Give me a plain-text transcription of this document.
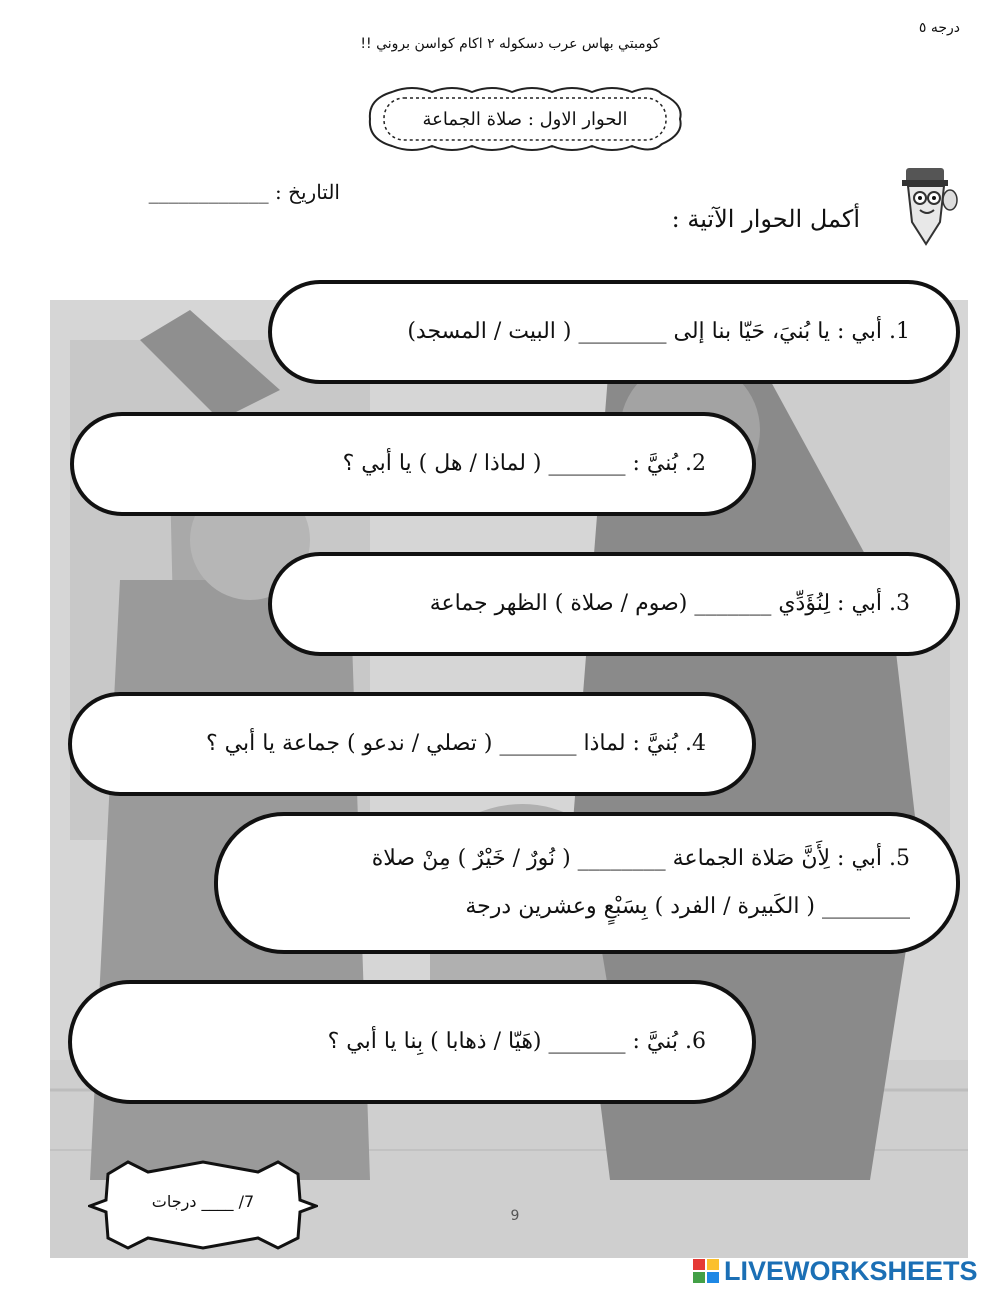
درجه ٥
كومبتي بهاس عرب دسكوله ٢ اكام كواسن بروني !!
الحوار الاول : صلاة الجماعة
التاريخ : ____________
أكمل الحوار الآتية :
1. أبي : يا بُنيَ، حَيّا بنا إلى ________ ( البيت / المسجد)
2. بُنيَّ : _______ ( لماذا / هل ) يا أبي ؟
3. أبي : لِنُؤَدِّي _______ (صوم / صلاة ) الظهر جماعة
4. بُنيَّ : لماذا _______ ( تصلي / ندعو ) جماعة يا أبي ؟
5. أبي : لِأَنَّ صَلاة الجماعة ________ ( نُورٌ / خَيْرٌ ) مِنْ صلاة
________ ( الكَبيرة / الفرد ) بِسَبْعٍ وعشرين درجة
6. بُنيَّ : _______ (هَيّا / ذهابا ) بِنا يا أبي ؟
7/ ____ درجات
9
LIVEWORKSHEETS
